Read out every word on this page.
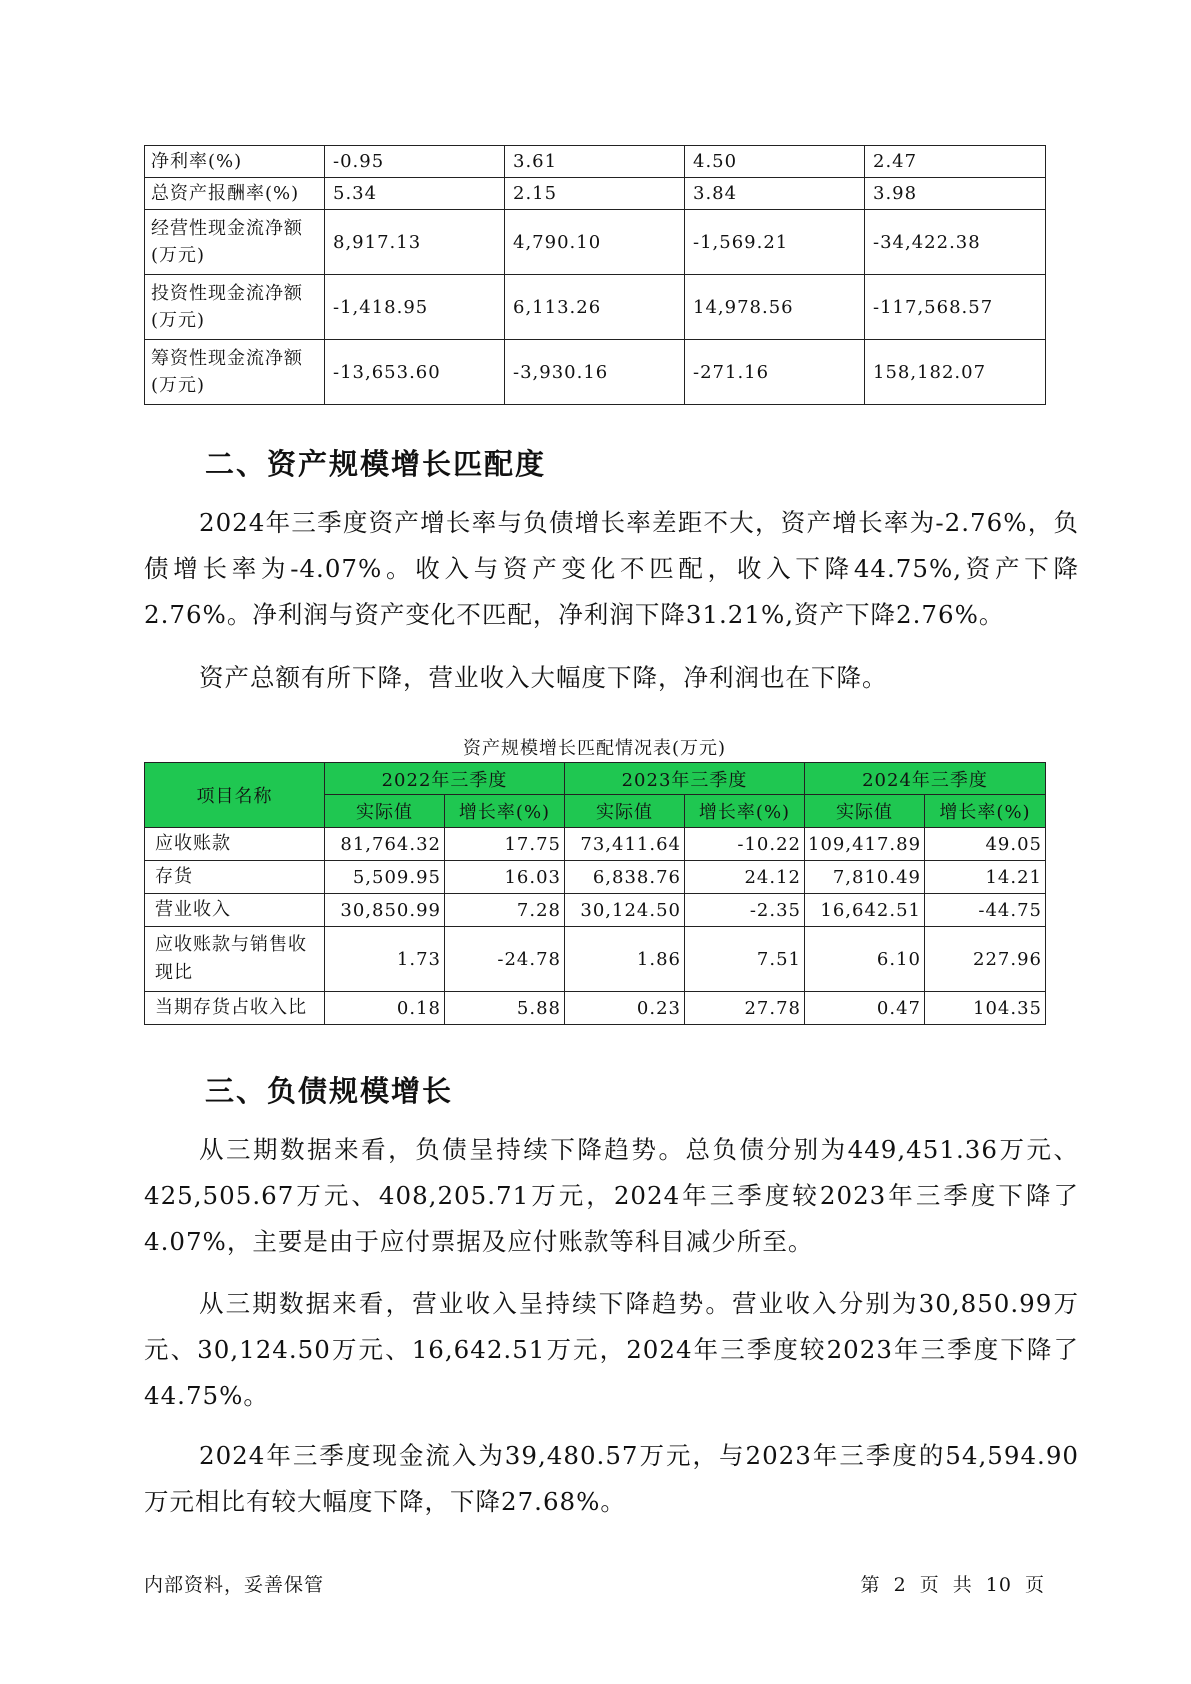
净利率(%)	-0.95	3.61	4.50	2.47
总资产报酬率(%)	5.34	2.15	3.84	3.98
经营性现金流净额(万元)	8,917.13	4,790.10	-1,569.21	-34,422.38
投资性现金流净额(万元)	-1,418.95	6,113.26	14,978.56	-117,568.57
筹资性现金流净额(万元)	-13,653.60	-3,930.16	-271.16	158,182.07
二、资产规模增长匹配度

2024年三季度资产增长率与负债增长率差距不大，资产增长率为-2.76%，负债增长率为-4.07%。收入与资产变化不匹配，收入下降44.75%,资产下降2.76%。净利润与资产变化不匹配，净利润下降31.21%,资产下降2.76%。

资产总额有所下降，营业收入大幅度下降，净利润也在下降。

资产规模增长匹配情况表(万元)
项目名称	2022年三季度		2023年三季度		2024年三季度	
	实际值	增长率(%)	实际值	增长率(%)	实际值	增长率(%)
应收账款	81,764.32	17.75	73,411.64	-10.22	109,417.89	49.05
存货	5,509.95	16.03	6,838.76	24.12	7,810.49	14.21
营业收入	30,850.99	7.28	30,124.50	-2.35	16,642.51	-44.75
应收账款与销售收现比	1.73	-24.78	1.86	7.51	6.10	227.96
当期存货占收入比	0.18	5.88	0.23	27.78	0.47	104.35
三、负债规模增长

从三期数据来看，负债呈持续下降趋势。总负债分别为449,451.36万元、425,505.67万元、408,205.71万元，2024年三季度较2023年三季度下降了4.07%，主要是由于应付票据及应付账款等科目减少所至。

从三期数据来看，营业收入呈持续下降趋势。营业收入分别为30,850.99万元、30,124.50万元、16,642.51万元，2024年三季度较2023年三季度下降了44.75%。

2024年三季度现金流入为39,480.57万元，与2023年三季度的54,594.90万元相比有较大幅度下降，下降27.68%。

内部资料，妥善保管	第 2 页 共 10 页
